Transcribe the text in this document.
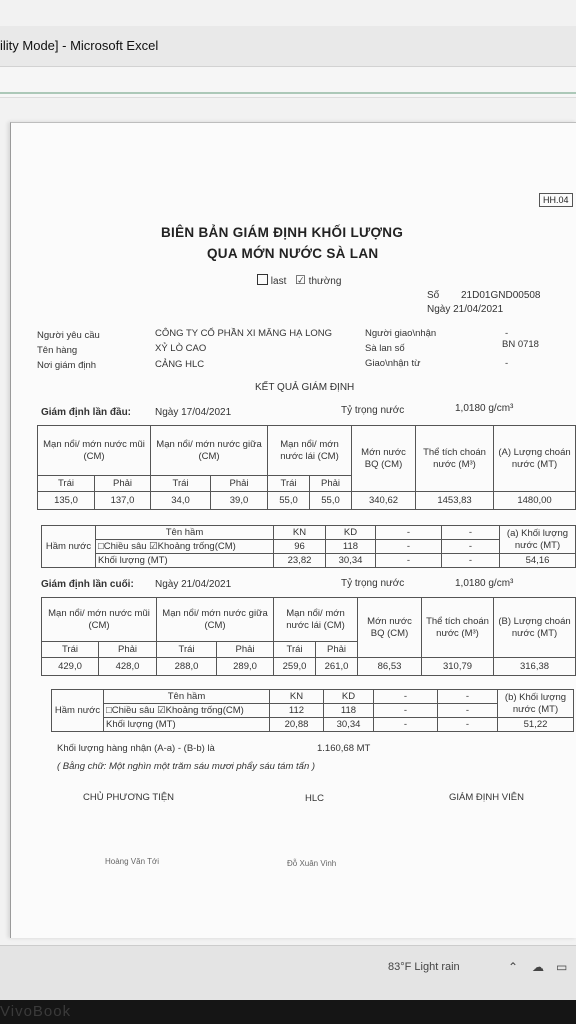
ility Mode] - Microsoft Excel
HH.04
BIÊN BẢN GIÁM ĐỊNH KHỐI LƯỢNG
QUA MỚN NƯỚC SÀ LAN
last ☑ thường
Số 21D01GND00508
Ngày 21/04/2021
Người yêu cầu	CÔNG TY CỔ PHẦN XI MĂNG HẠ LONG	Người giao\nhận	-
Tên hàng	XỶ LÒ CAO	Sà lan số	BN 0718
Nơi giám định	CẢNG HLC	Giao\nhận từ	-
KẾT QUẢ GIÁM ĐỊNH
Giám định lần đầu: Ngày 17/04/2021	Tỷ trọng nước	1,0180 g/cm³
Mạn nổi/ mớn nước mũi (CM)		Mạn nổi/ mớn nước giữa (CM)		Mạn nổi/ mớn nước lái (CM)		Mớn nước BQ (CM)	Thể tích choán nước (M³)	(A) Lượng choán nước (MT)
Trái	Phải	Trái	Phải	Trái	Phải			
135,0	137,0	34,0	39,0	55,0	55,0	340,62	1453,83	1480,00
Hầm nước	Tên hầm	KN	KD	-	-	(a) Khối lượng nước (MT)
	□Chiều sâu ☑Khoảng trống(CM)	96	118	-	-	
	Khối lượng (MT)	23,82	30,34	-	-	54,16
Giám định lần cuối: Ngày 21/04/2021	Tỷ trọng nước	1,0180 g/cm³
Mạn nổi/ mớn nước mũi (CM)		Mạn nổi/ mớn nước giữa (CM)		Mạn nổi/ mớn nước lái (CM)		Mớn nước BQ (CM)	Thể tích choán nước (M³)	(B) Lượng choán nước (MT)
Trái	Phải	Trái	Phải	Trái	Phải			
429,0	428,0	288,0	289,0	259,0	261,0	86,53	310,79	316,38
Hầm nước	Tên hầm	KN	KD	-	-	(b) Khối lượng nước (MT)
	□Chiều sâu ☑Khoảng trống(CM)	112	118	-	-	
	Khối lượng (MT)	20,88	30,34	-	-	51,22
Khối lượng hàng nhận (A-a) - (B-b) là	1.160,68 MT
( Bằng chữ: Một nghìn một trăm sáu mươi phẩy sáu tám tấn )
CHỦ PHƯƠNG TIỆN	HLC	GIÁM ĐỊNH VIÊN
Hoàng Văn Tới	Đỗ Xuân Vinh
83°F Light rain	⌃ ☁ ▭
VivoBook
